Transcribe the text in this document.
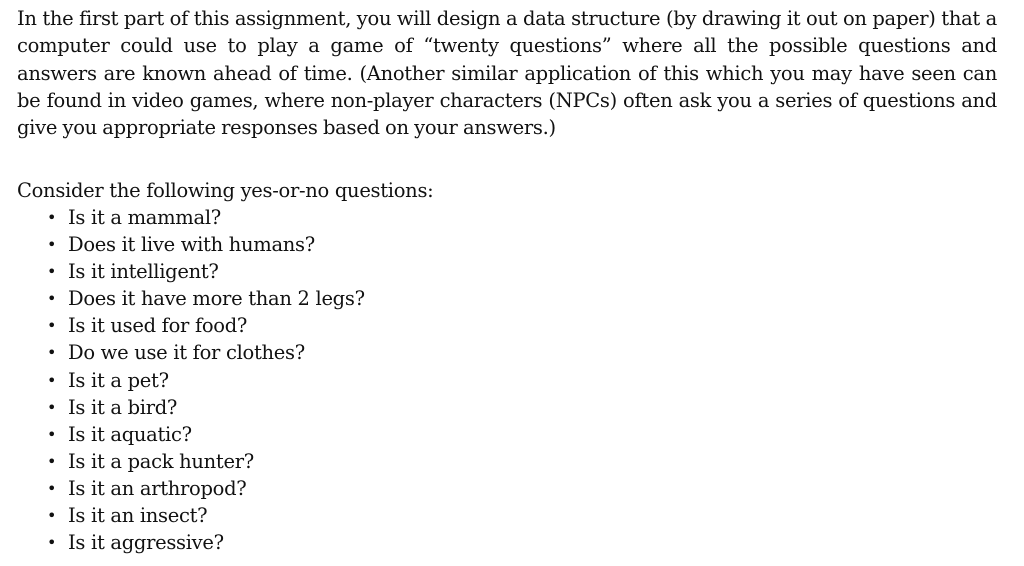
In the first part of this assignment, you will design a data structure (by drawing it out on paper) that a computer could use to play a game of “twenty questions” where all the possible questions and answers are known ahead of time. (Another similar application of this which you may have seen can be found in video games, where non-player characters (NPCs) often ask you a series of questions and give you appropriate responses based on your answers.)

Consider the following yes-or-no questions:

• Is it a mammal?
• Does it live with humans?
• Is it intelligent?
• Does it have more than 2 legs?
• Is it used for food?
• Do we use it for clothes?
• Is it a pet?
• Is it a bird?
• Is it aquatic?
• Is it a pack hunter?
• Is it an arthropod?
• Is it an insect?
• Is it aggressive?
